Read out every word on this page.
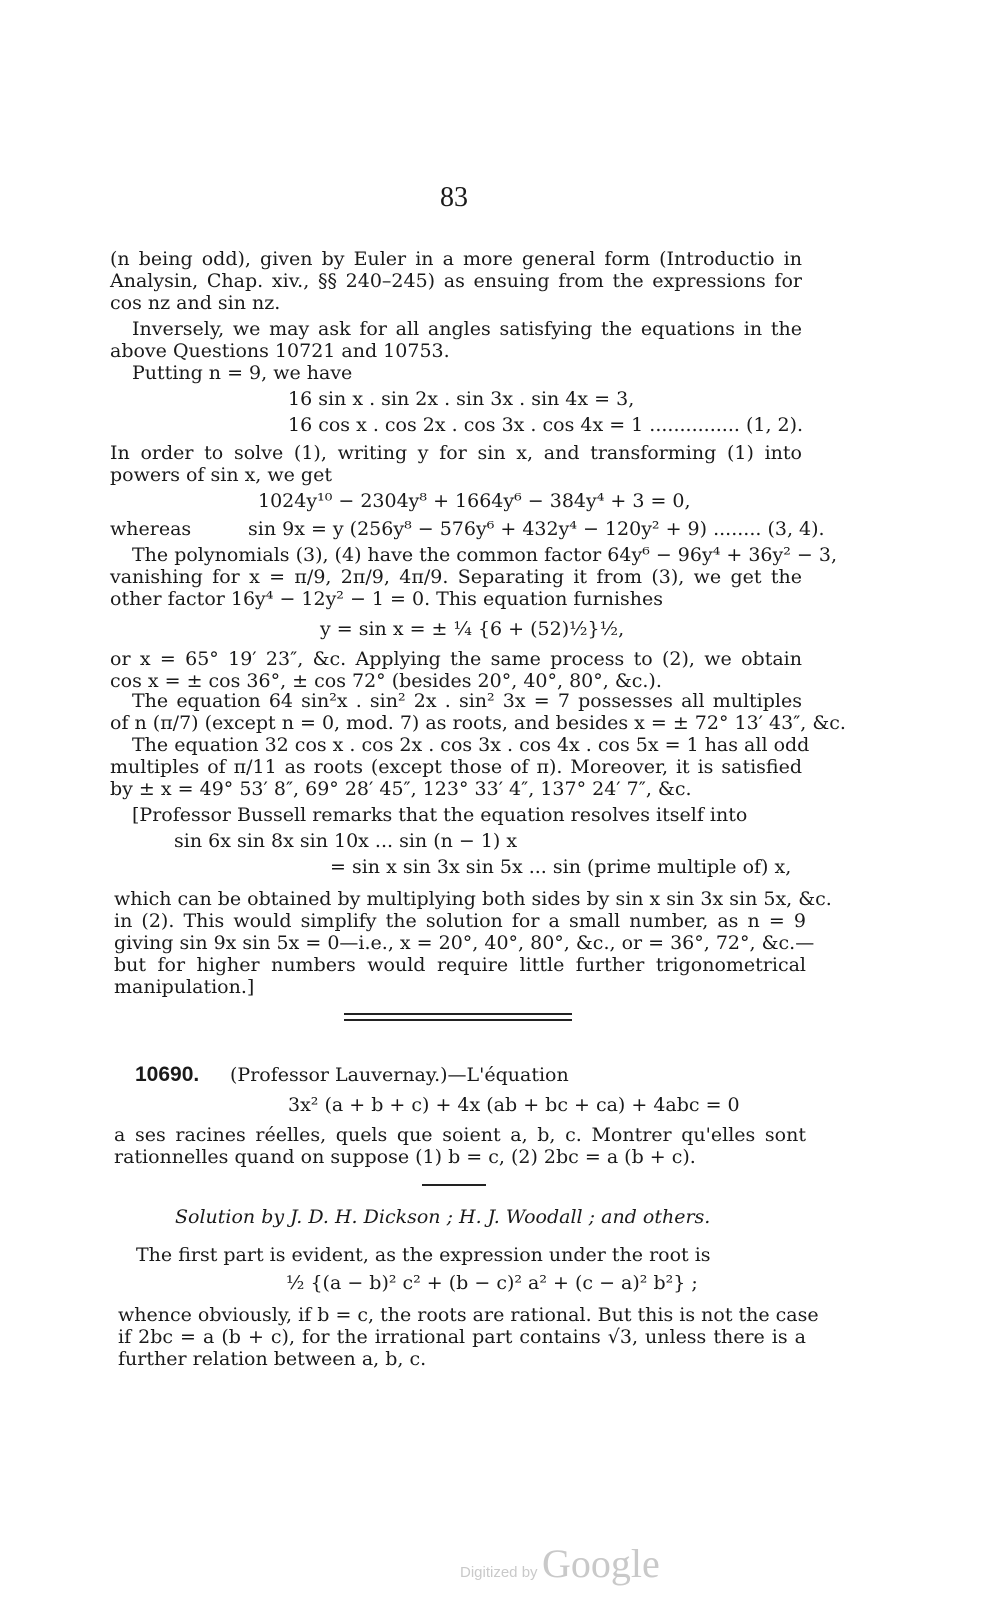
83
(n being odd), given by Euler in a more general form (Introductio in
Analysin, Chap. xiv., §§ 240–245) as ensuing from the expressions for
cos nz and sin nz.
Inversely, we may ask for all angles satisfying the equations in the
above Questions 10721 and 10753.
Putting n = 9, we have
16 sin x . sin 2x . sin 3x . sin 4x = 3,
16 cos x . cos 2x . cos 3x . cos 4x = 1 ............... (1, 2).
In order to solve (1), writing y for sin x, and transforming (1) into
powers of sin x, we get
1024y¹⁰ − 2304y⁸ + 1664y⁶ − 384y⁴ + 3 = 0,
whereas	sin 9x = y (256y⁸ − 576y⁶ + 432y⁴ − 120y² + 9) ........ (3, 4).
The polynomials (3), (4) have the common factor 64y⁶ − 96y⁴ + 36y² − 3,
vanishing for x = π/9, 2π/9, 4π/9. Separating it from (3), we get the
other factor 16y⁴ − 12y² − 1 = 0. This equation furnishes
y = sin x = ± ¼ {6 + (52)½}½,
or x = 65° 19′ 23″, &c. Applying the same process to (2), we obtain
cos x = ± cos 36°, ± cos 72° (besides 20°, 40°, 80°, &c.).
The equation 64 sin²x . sin² 2x . sin² 3x = 7 possesses all multiples
of n (π/7) (except n = 0, mod. 7) as roots, and besides x = ± 72° 13′ 43″, &c.
The equation 32 cos x . cos 2x . cos 3x . cos 4x . cos 5x = 1 has all odd
multiples of π/11 as roots (except those of π). Moreover, it is satisfied
by ± x = 49° 53′ 8″, 69° 28′ 45″, 123° 33′ 4″, 137° 24′ 7″, &c.
[Professor Bussell remarks that the equation resolves itself into
sin 6x sin 8x sin 10x ... sin (n − 1) x
= sin x sin 3x sin 5x ... sin (prime multiple of) x,
which can be obtained by multiplying both sides by sin x sin 3x sin 5x, &c.
in (2). This would simplify the solution for a small number, as n = 9
giving sin 9x sin 5x = 0—i.e., x = 20°, 40°, 80°, &c., or = 36°, 72°, &c.—
but for higher numbers would require little further trigonometrical
manipulation.]
10690. (Professor Lauvernay.)—L'équation
3x² (a + b + c) + 4x (ab + bc + ca) + 4abc = 0
a ses racines réelles, quels que soient a, b, c. Montrer qu'elles sont
rationnelles quand on suppose (1) b = c, (2) 2bc = a (b + c).
Solution by J. D. H. Dickson ; H. J. Woodall ; and others.
The first part is evident, as the expression under the root is
½ {(a − b)² c² + (b − c)² a² + (c − a)² b²} ;
whence obviously, if b = c, the roots are rational. But this is not the case
if 2bc = a (b + c), for the irrational part contains √3, unless there is a
further relation between a, b, c.
Digitized by Google
